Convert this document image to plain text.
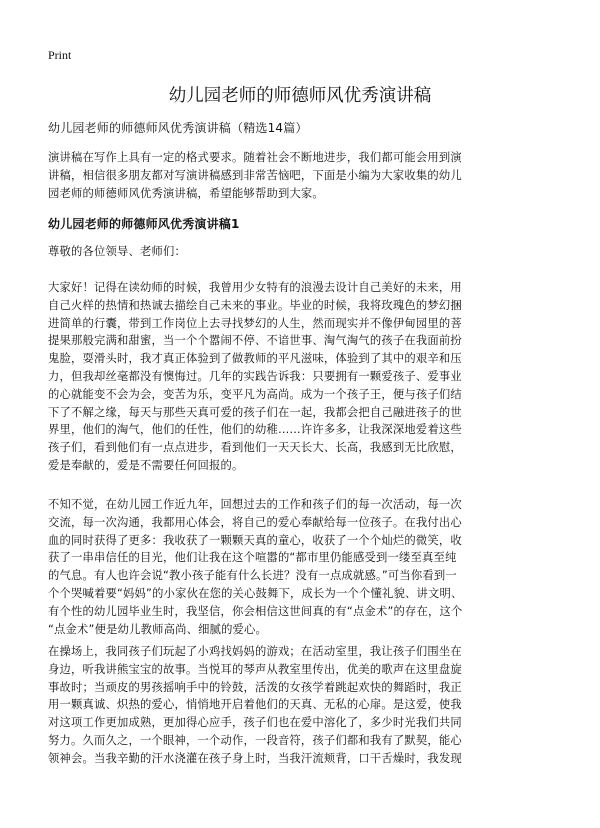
Print
幼儿园老师的师德师风优秀演讲稿
幼儿园老师的师德师风优秀演讲稿（精选14篇）
演讲稿在写作上具有一定的格式要求。随着社会不断地进步，我们都可能会用到演
讲稿，相信很多朋友都对写演讲稿感到非常苦恼吧，下面是小编为大家收集的幼儿
园老师的师德师风优秀演讲稿，希望能够帮助到大家。
幼儿园老师的师德师风优秀演讲稿1
尊敬的各位领导、老师们：
大家好！记得在读幼师的时候，我曾用少女特有的浪漫去设计自己美好的未来，用
自己火样的热情和热诚去描绘自己未来的事业。毕业的时候，我将玫瑰色的梦幻捆
进简单的行囊，带到工作岗位上去寻找梦幻的人生，然而现实并不像伊甸园里的菩
提果那般完满和甜蜜，当一个个嚣闹不停、不谙世事、淘气淘气的孩子在我面前扮
鬼脸，耍滑头时，我才真正体验到了做教师的平凡滋味，体验到了其中的艰辛和压
力，但我却丝毫都没有懊悔过。几年的实践告诉我：只要拥有一颗爱孩子、爱事业
的心就能变不会为会，变苦为乐，变平凡为高尚。成为一个孩子王，便与孩子们结
下了不解之缘，每天与那些天真可爱的孩子们在一起，我都会把自己融进孩子的世
界里，他们的淘气，他们的任性，他们的幼稚……许许多多，让我深深地爱着这些
孩子们，看到他们有一点点进步，看到他们一天天长大、长高，我感到无比欣慰，
爱是奉献的，爱是不需要任何回报的。
不知不觉，在幼儿园工作近九年，回想过去的工作和孩子们的每一次活动，每一次
交流，每一次沟通，我都用心体会，将自己的爱心奉献给每一位孩子。在我付出心
血的同时获得了更多：我收获了一颗颗天真的童心，收获了一个个灿烂的微笑，收
获了一串串信任的目光，他们让我在这个喧嚣的“都市里仍能感受到一缕至真至纯
的气息。有人也许会说“教小孩子能有什么长进？没有一点成就感。”可当你看到一
个个哭喊着要“妈妈”的小家伙在您的关心鼓舞下，成长为一个个懂礼貌、讲文明、
有个性的幼儿园毕业生时，我坚信，你会相信这世间真的有“点金术”的存在，这个
“点金术”便是幼儿教师高尚、细腻的爱心。
在操场上，我同孩子们玩起了小鸡找妈妈的游戏；在活动室里，我让孩子们围坐在
身边，听我讲熊宝宝的故事。当悦耳的琴声从教室里传出，优美的歌声在这里盘旋
事故时；当顽皮的男孩摇响手中的铃鼓，活泼的女孩学着跳起欢快的舞蹈时，我正
用一颗真诚、炽热的爱心，悄悄地开启着他们的天真、无私的心扉。是这爱，使我
对这项工作更加成熟，更加得心应手，孩子们也在爱中溶化了，多少时光我们共同
努力。久而久之，一个眼神，一个动作，一段音符，孩子们都和我有了默契，能心
领神会。当我辛勤的汗水浇灌在孩子身上时，当我汗流颊背，口干舌燥时，我发现
